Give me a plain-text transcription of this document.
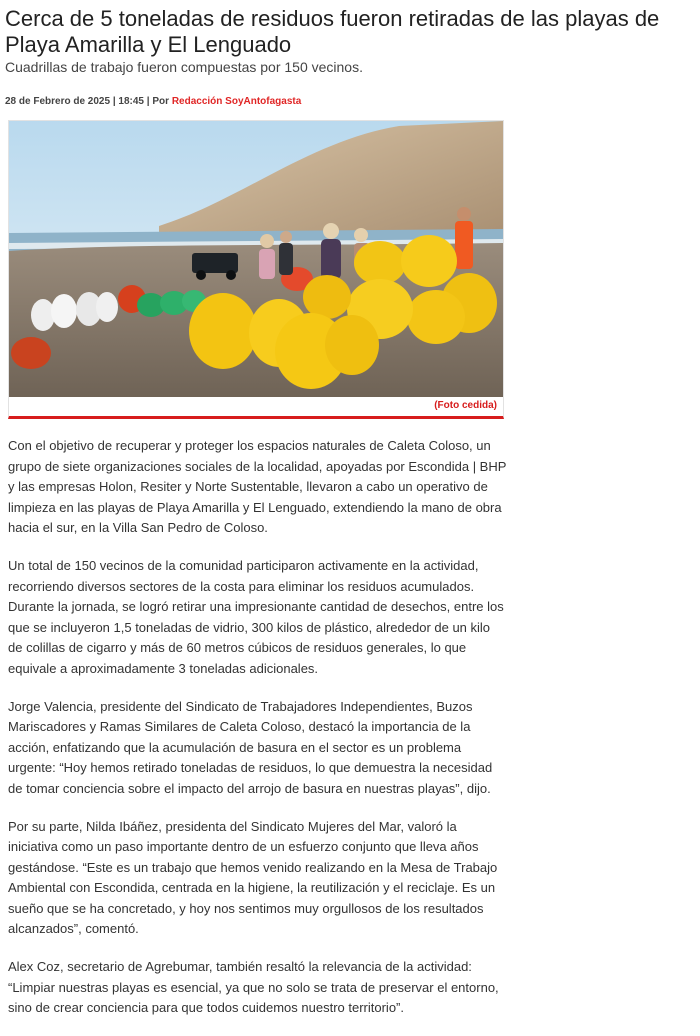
Cerca de 5 toneladas de residuos fueron retiradas de las playas de Playa Amarilla y El Lenguado
Cuadrillas de trabajo fueron compuestas por 150 vecinos.
28 de Febrero de 2025 | 18:45 | Por Redacción SoyAntofagasta
(Foto cedida)

Con el objetivo de recuperar y proteger los espacios naturales de Caleta Coloso, un grupo de siete organizaciones sociales de la localidad, apoyadas por Escondida | BHP y las empresas Holon, Resiter y Norte Sustentable, llevaron a cabo un operativo de limpieza en las playas de Playa Amarilla y El Lenguado, extendiendo la mano de obra hacia el sur, en la Villa San Pedro de Coloso.

Un total de 150 vecinos de la comunidad participaron activamente en la actividad, recorriendo diversos sectores de la costa para eliminar los residuos acumulados. Durante la jornada, se logró retirar una impresionante cantidad de desechos, entre los que se incluyeron 1,5 toneladas de vidrio, 300 kilos de plástico, alrededor de un kilo de colillas de cigarro y más de 60 metros cúbicos de residuos generales, lo que equivale a aproximadamente 3 toneladas adicionales.

Jorge Valencia, presidente del Sindicato de Trabajadores Independientes, Buzos Mariscadores y Ramas Similares de Caleta Coloso, destacó la importancia de la acción, enfatizando que la acumulación de basura en el sector es un problema urgente: “Hoy hemos retirado toneladas de residuos, lo que demuestra la necesidad de tomar conciencia sobre el impacto del arrojo de basura en nuestras playas”, dijo.

Por su parte, Nilda Ibáñez, presidenta del Sindicato Mujeres del Mar, valoró la iniciativa como un paso importante dentro de un esfuerzo conjunto que lleva años gestándose. “Este es un trabajo que hemos venido realizando en la Mesa de Trabajo Ambiental con Escondida, centrada en la higiene, la reutilización y el reciclaje. Es un sueño que se ha concretado, y hoy nos sentimos muy orgullosos de los resultados alcanzados”, comentó.

Alex Coz, secretario de Agrebumar, también resaltó la relevancia de la actividad: “Limpiar nuestras playas es esencial, ya que no solo se trata de preservar el entorno, sino de crear conciencia para que todos cuidemos nuestro territorio”.
